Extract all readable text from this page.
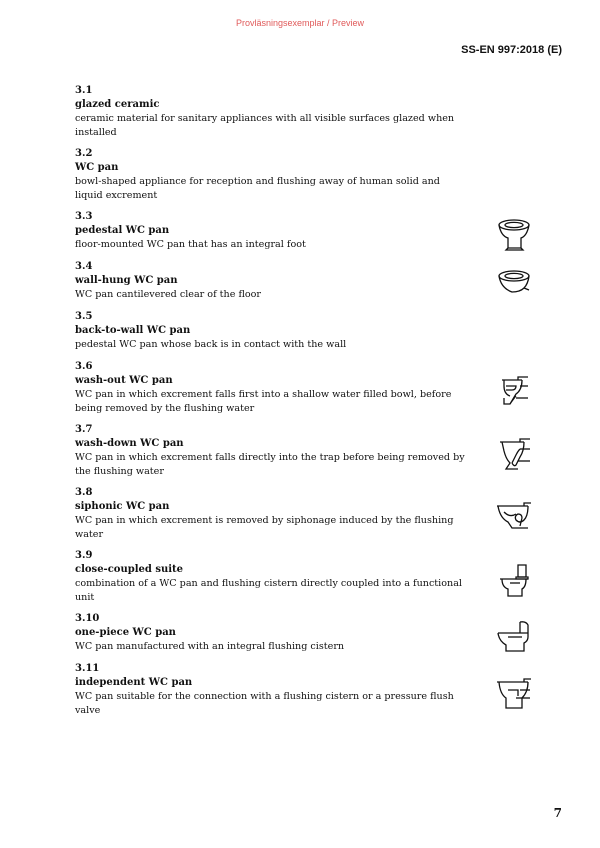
Provläsningsexemplar / Preview
SS-EN 997:2018 (E)
3.1
glazed ceramic
ceramic material for sanitary appliances with all visible surfaces glazed when installed
3.2
WC pan
bowl-shaped appliance for reception and flushing away of human solid and liquid excrement
3.3
pedestal WC pan
floor-mounted WC pan that has an integral foot
3.4
wall-hung WC pan
WC pan cantilevered clear of the floor
3.5
back-to-wall WC pan
pedestal WC pan whose back is in contact with the wall
3.6
wash-out WC pan
WC pan in which excrement falls first into a shallow water filled bowl, before being removed by the flushing water
3.7
wash-down WC pan
WC pan in which excrement falls directly into the trap before being removed by the flushing water
3.8
siphonic WC pan
WC pan in which excrement is removed by siphonage induced by the flushing water
3.9
close-coupled suite
combination of a WC pan and flushing cistern directly coupled into a functional unit
3.10
one-piece WC pan
WC pan manufactured with an integral flushing cistern
3.11
independent WC pan
WC pan suitable for the connection with a flushing cistern or a pressure flush valve
7
